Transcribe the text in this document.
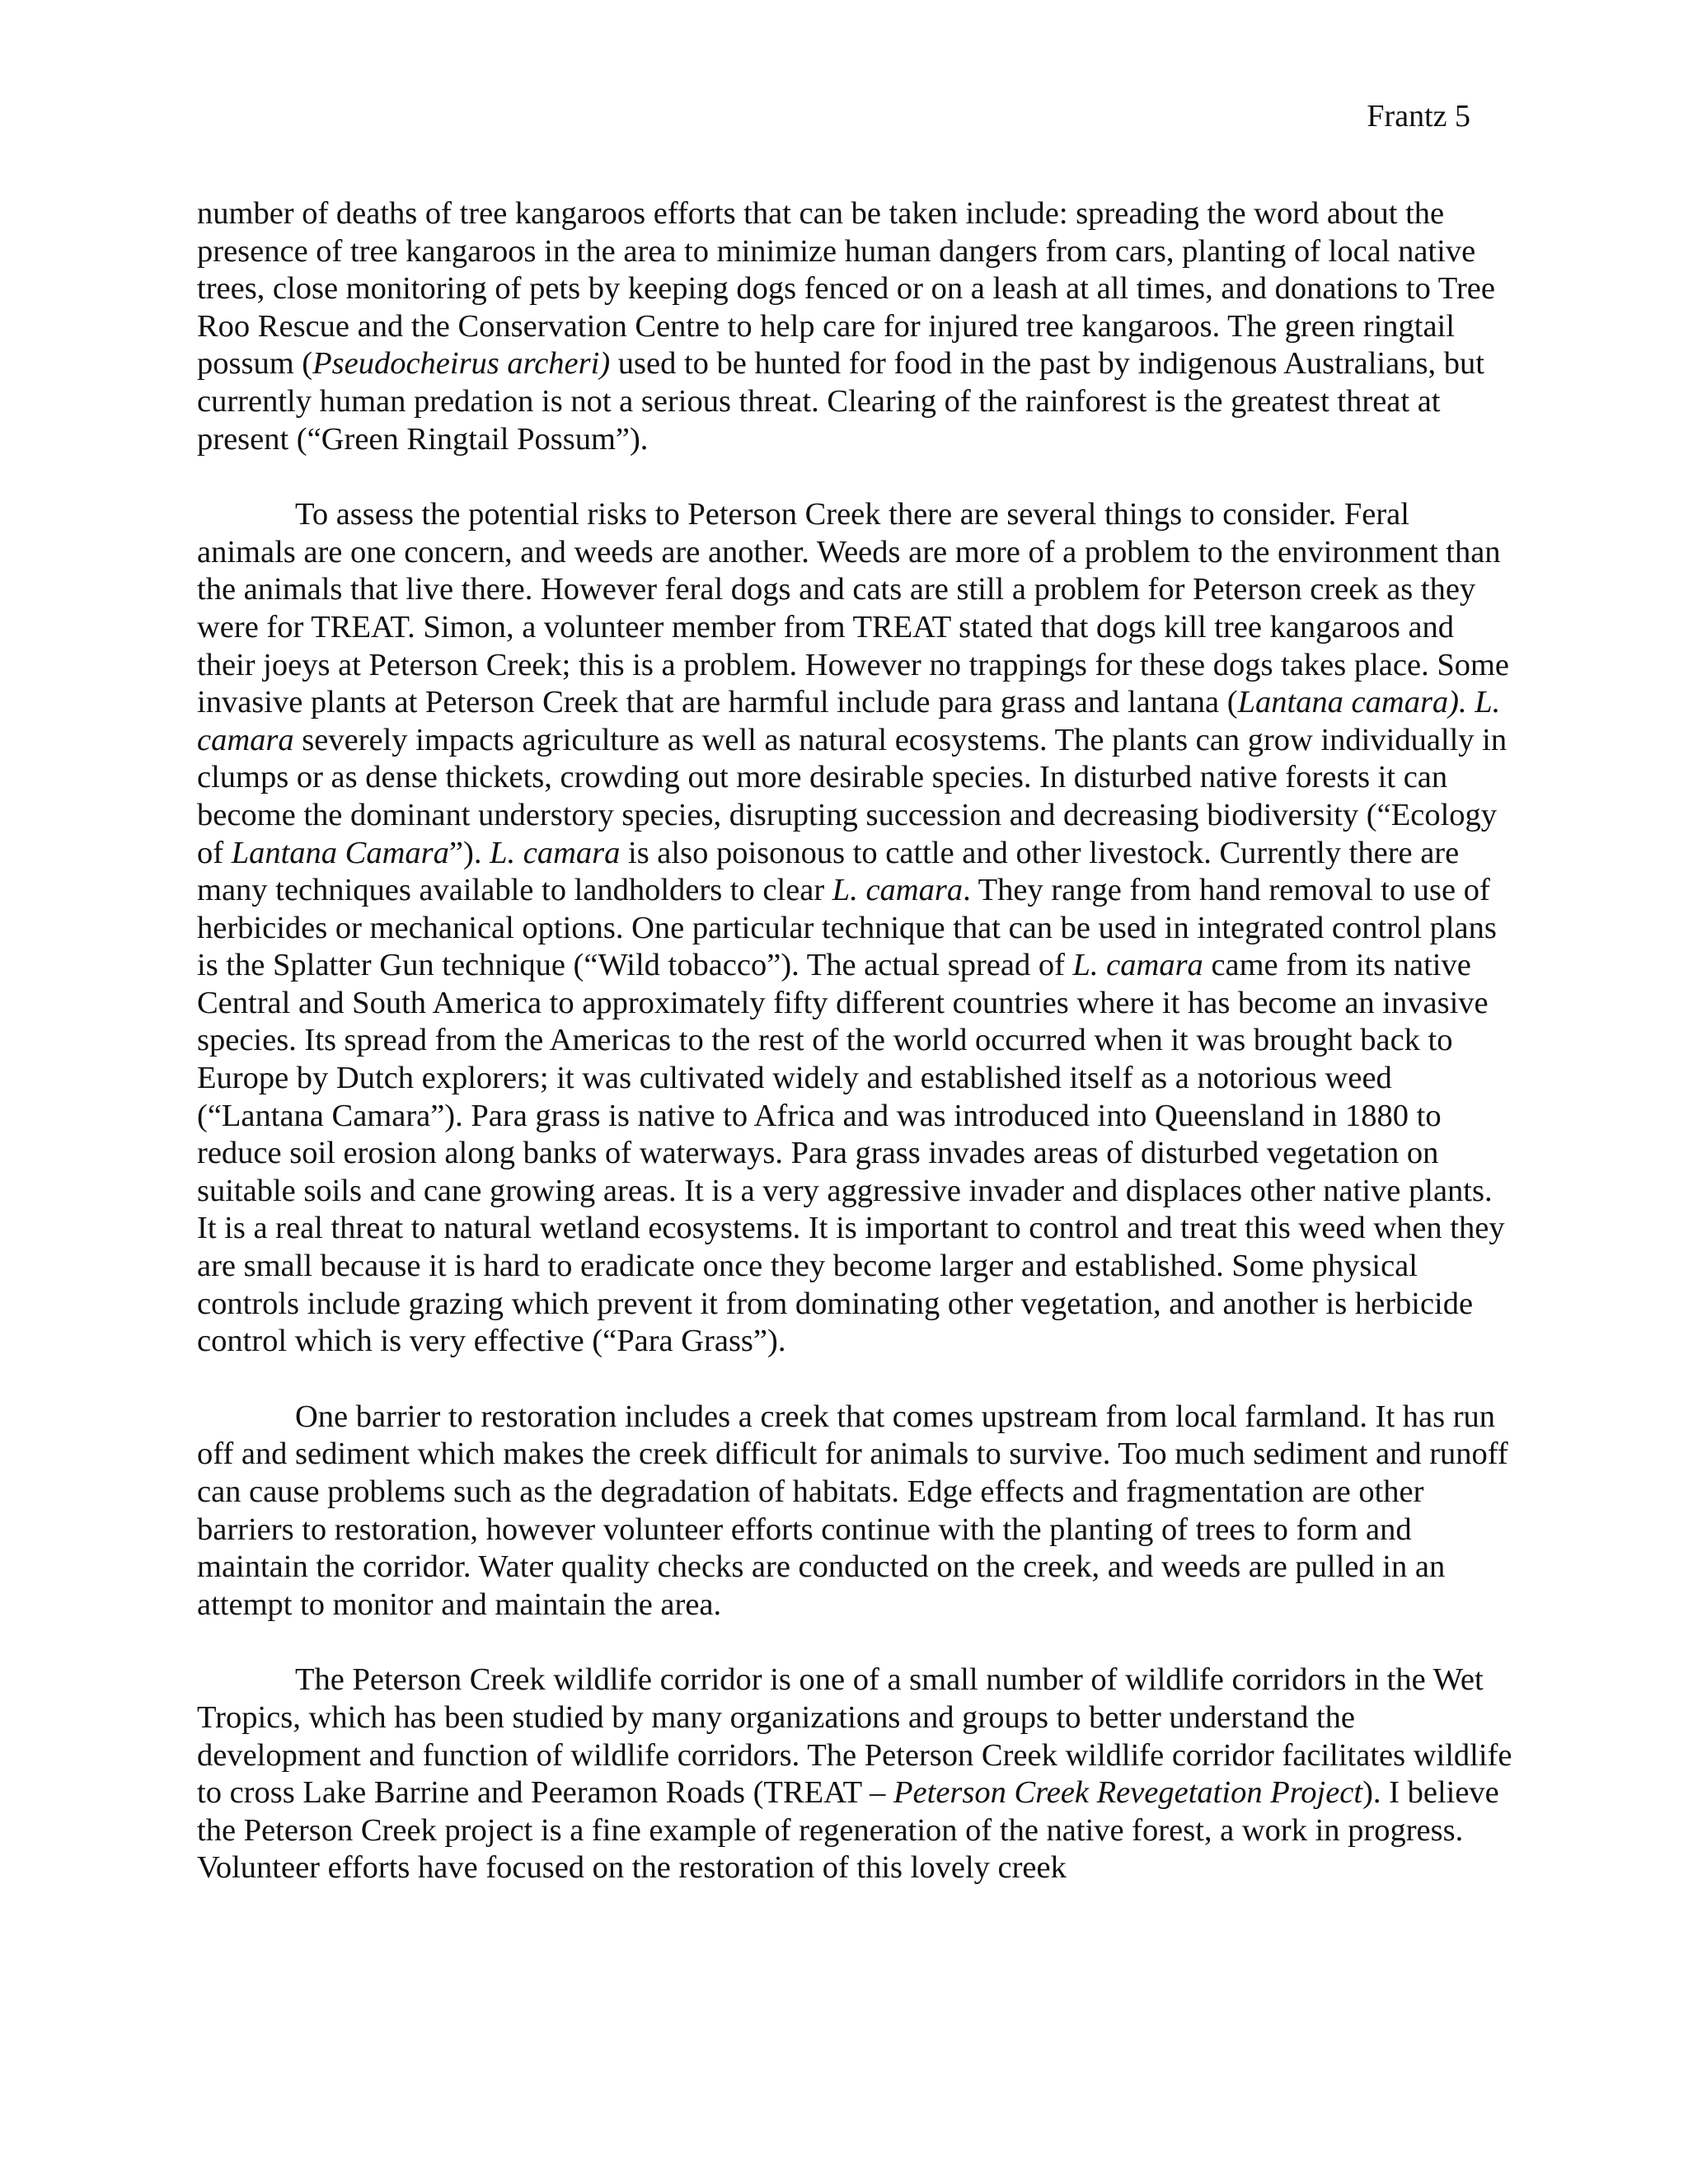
Frantz 5

number of deaths of tree kangaroos efforts that can be taken include: spreading the word about the presence of tree kangaroos in the area to minimize human dangers from cars, planting of local native trees, close monitoring of pets by keeping dogs fenced or on a leash at all times, and donations to Tree Roo Rescue and the Conservation Centre to help care for injured tree kangaroos. The green ringtail possum (Pseudocheirus archeri) used to be hunted for food in the past by indigenous Australians, but currently human predation is not a serious threat. Clearing of the rainforest is the greatest threat at present (“Green Ringtail Possum”).

To assess the potential risks to Peterson Creek there are several things to consider. Feral animals are one concern, and weeds are another. Weeds are more of a problem to the environment than the animals that live there. However feral dogs and cats are still a problem for Peterson creek as they were for TREAT. Simon, a volunteer member from TREAT stated that dogs kill tree kangaroos and their joeys at Peterson Creek; this is a problem. However no trappings for these dogs takes place. Some invasive plants at Peterson Creek that are harmful include para grass and lantana (Lantana camara). L. camara severely impacts agriculture as well as natural ecosystems. The plants can grow individually in clumps or as dense thickets, crowding out more desirable species. In disturbed native forests it can become the dominant understory species, disrupting succession and decreasing biodiversity (“Ecology of Lantana Camara”). L. camara is also poisonous to cattle and other livestock. Currently there are many techniques available to landholders to clear L. camara. They range from hand removal to use of herbicides or mechanical options. One particular technique that can be used in integrated control plans is the Splatter Gun technique (“Wild tobacco”). The actual spread of L. camara came from its native Central and South America to approximately fifty different countries where it has become an invasive species. Its spread from the Americas to the rest of the world occurred when it was brought back to Europe by Dutch explorers; it was cultivated widely and established itself as a notorious weed (“Lantana Camara”). Para grass is native to Africa and was introduced into Queensland in 1880 to reduce soil erosion along banks of waterways. Para grass invades areas of disturbed vegetation on suitable soils and cane growing areas. It is a very aggressive invader and displaces other native plants. It is a real threat to natural wetland ecosystems. It is important to control and treat this weed when they are small because it is hard to eradicate once they become larger and established. Some physical controls include grazing which prevent it from dominating other vegetation, and another is herbicide control which is very effective (“Para Grass”).

One barrier to restoration includes a creek that comes upstream from local farmland. It has run off and sediment which makes the creek difficult for animals to survive. Too much sediment and runoff can cause problems such as the degradation of habitats. Edge effects and fragmentation are other barriers to restoration, however volunteer efforts continue with the planting of trees to form and maintain the corridor. Water quality checks are conducted on the creek, and weeds are pulled in an attempt to monitor and maintain the area.

The Peterson Creek wildlife corridor is one of a small number of wildlife corridors in the Wet Tropics, which has been studied by many organizations and groups to better understand the development and function of wildlife corridors. The Peterson Creek wildlife corridor facilitates wildlife to cross Lake Barrine and Peeramon Roads (TREAT – Peterson Creek Revegetation Project). I believe the Peterson Creek project is a fine example of regeneration of the native forest, a work in progress. Volunteer efforts have focused on the restoration of this lovely creek
